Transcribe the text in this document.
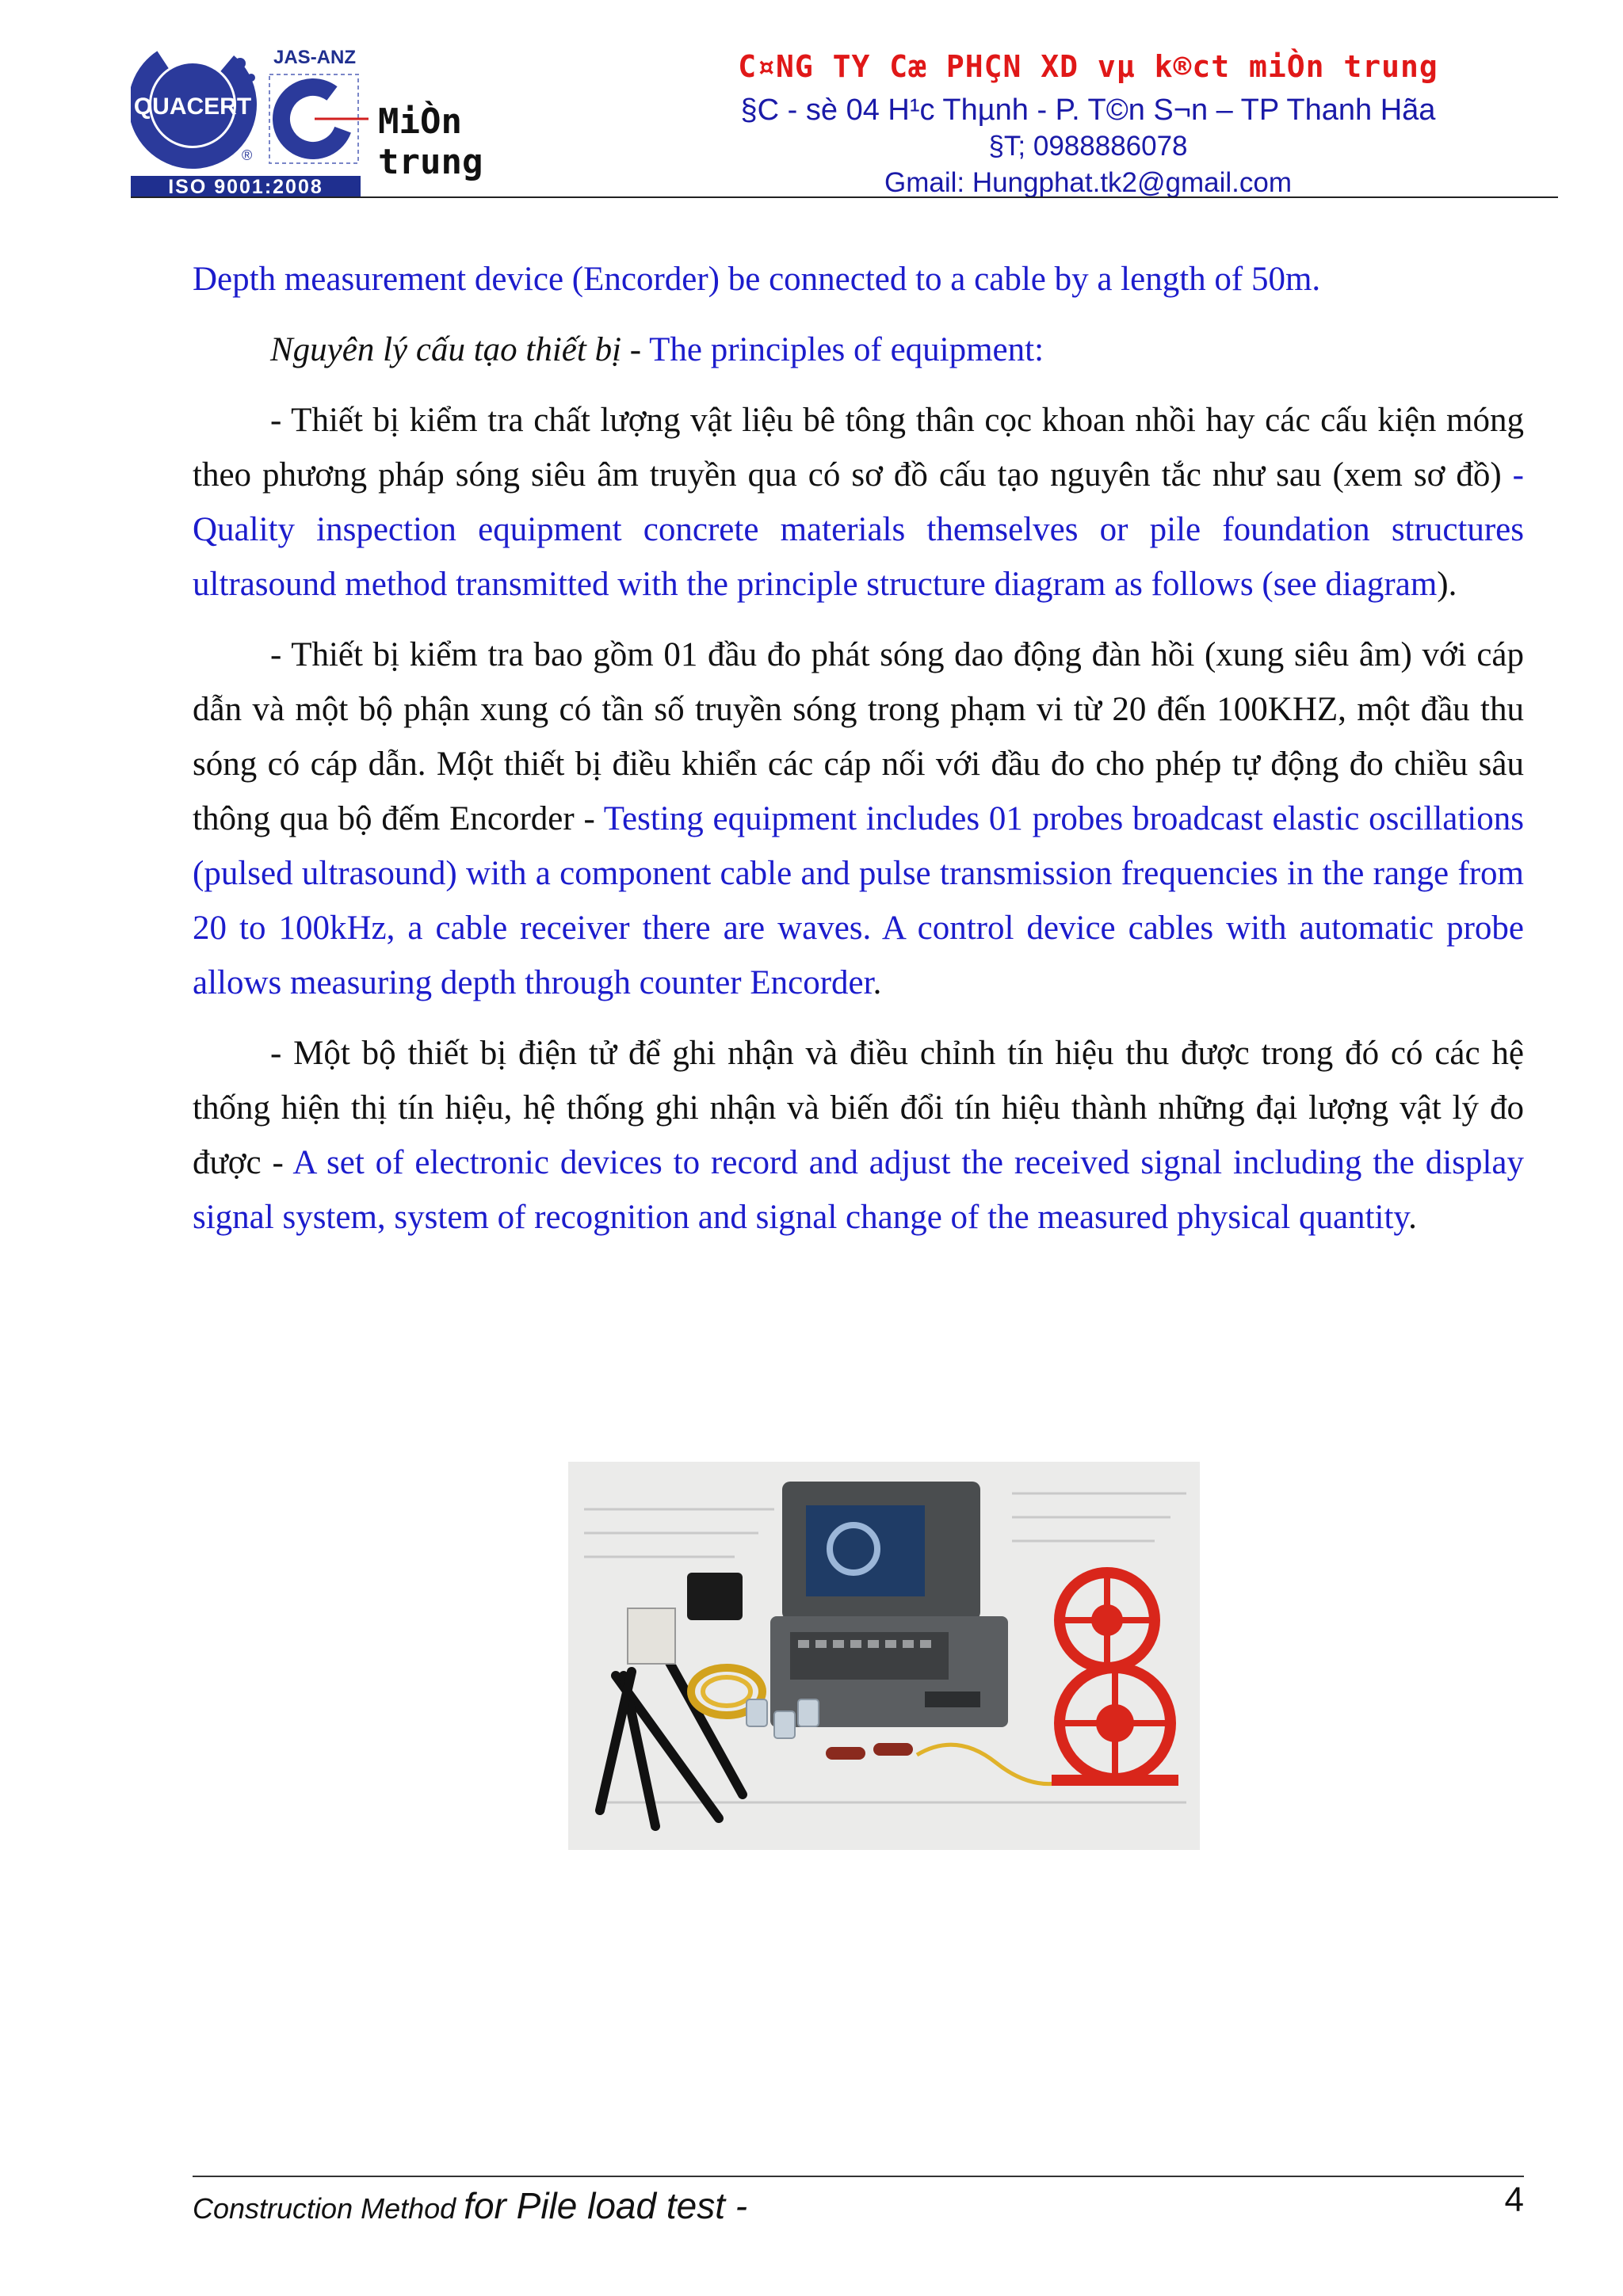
QUACERT
®
JAS-ANZ
MiÒn trung
ISO 9001:2008
C¤NG TY Cæ PHÇN XD vµ k®ct miÒn trung
§C - sè 04 H¹c Thµnh - P. T©n S¬n – TP Thanh Hãa
§T; 0988886078
Gmail: Hungphat.tk2@gmail.com

Depth measurement device (Encorder) be connected to a cable by a length of 50m.

Nguyên lý cấu tạo thiết bị - The principles of equipment:

- Thiết bị kiểm tra chất lượng vật liệu bê tông thân cọc khoan nhồi hay các cấu kiện móng theo phương pháp sóng siêu âm truyền qua có sơ đồ cấu tạo nguyên tắc như sau (xem sơ đồ) - Quality inspection equipment concrete materials themselves or pile foundation structures ultrasound method transmitted with the principle structure diagram as follows (see diagram).

- Thiết bị kiểm tra bao gồm 01 đầu đo phát sóng dao động đàn hồi (xung siêu âm) với cáp dẫn và một bộ phận xung có tần số truyền sóng trong phạm vi từ 20 đến 100KHZ, một đầu thu sóng có cáp dẫn. Một thiết bị điều khiển các cáp nối với đầu đo cho phép tự động đo chiều sâu thông qua bộ đếm Encorder - Testing equipment includes 01 probes broadcast elastic oscillations (pulsed ultrasound) with a component cable and pulse transmission frequencies in the range from 20 to 100kHz, a cable receiver there are waves. A control device cables with automatic probe allows measuring depth through counter Encorder.

- Một bộ thiết bị điện tử để ghi nhận và điều chỉnh tín hiệu thu được trong đó có các hệ thống hiện thị tín hiệu, hệ thống ghi nhận và biến đổi tín hiệu thành những đại lượng vật lý đo được - A set of electronic devices to record and adjust the received signal including the display signal system, system of recognition and signal change of the measured physical quantity.

Construction Method for Pile load test -	4
